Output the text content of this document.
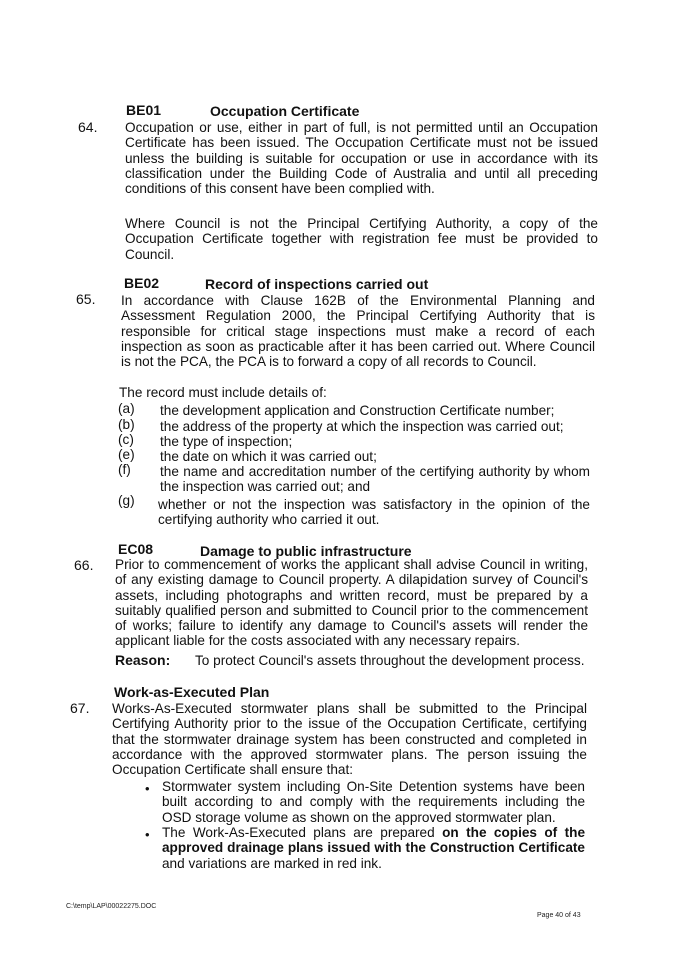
BE01	Occupation Certificate
64. Occupation or use, either in part of full, is not permitted until an Occupation Certificate has been issued. The Occupation Certificate must not be issued unless the building is suitable for occupation or use in accordance with its classification under the Building Code of Australia and until all preceding conditions of this consent have been complied with.
Where Council is not the Principal Certifying Authority, a copy of the Occupation Certificate together with registration fee must be provided to Council.
BE02	Record of inspections carried out
65. In accordance with Clause 162B of the Environmental Planning and Assessment Regulation 2000, the Principal Certifying Authority that is responsible for critical stage inspections must make a record of each inspection as soon as practicable after it has been carried out. Where Council is not the PCA, the PCA is to forward a copy of all records to Council.
The record must include details of:
(a) the development application and Construction Certificate number;
(b) the address of the property at which the inspection was carried out;
(c) the type of inspection;
(e) the date on which it was carried out;
(f) the name and accreditation number of the certifying authority by whom the inspection was carried out; and
(g) whether or not the inspection was satisfactory in the opinion of the certifying authority who carried it out.
EC08	Damage to public infrastructure
66. Prior to commencement of works the applicant shall advise Council in writing, of any existing damage to Council property. A dilapidation survey of Council's assets, including photographs and written record, must be prepared by a suitably qualified person and submitted to Council prior to the commencement of works; failure to identify any damage to Council's assets will render the applicant liable for the costs associated with any necessary repairs.
Reason: To protect Council's assets throughout the development process.
Work-as-Executed Plan
67. Works-As-Executed stormwater plans shall be submitted to the Principal Certifying Authority prior to the issue of the Occupation Certificate, certifying that the stormwater drainage system has been constructed and completed in accordance with the approved stormwater plans. The person issuing the Occupation Certificate shall ensure that:
• Stormwater system including On-Site Detention systems have been built according to and comply with the requirements including the OSD storage volume as shown on the approved stormwater plan.
• The Work-As-Executed plans are prepared on the copies of the approved drainage plans issued with the Construction Certificate and variations are marked in red ink.
C:\temp\LAP\00022275.DOC
Page 40 of 43
